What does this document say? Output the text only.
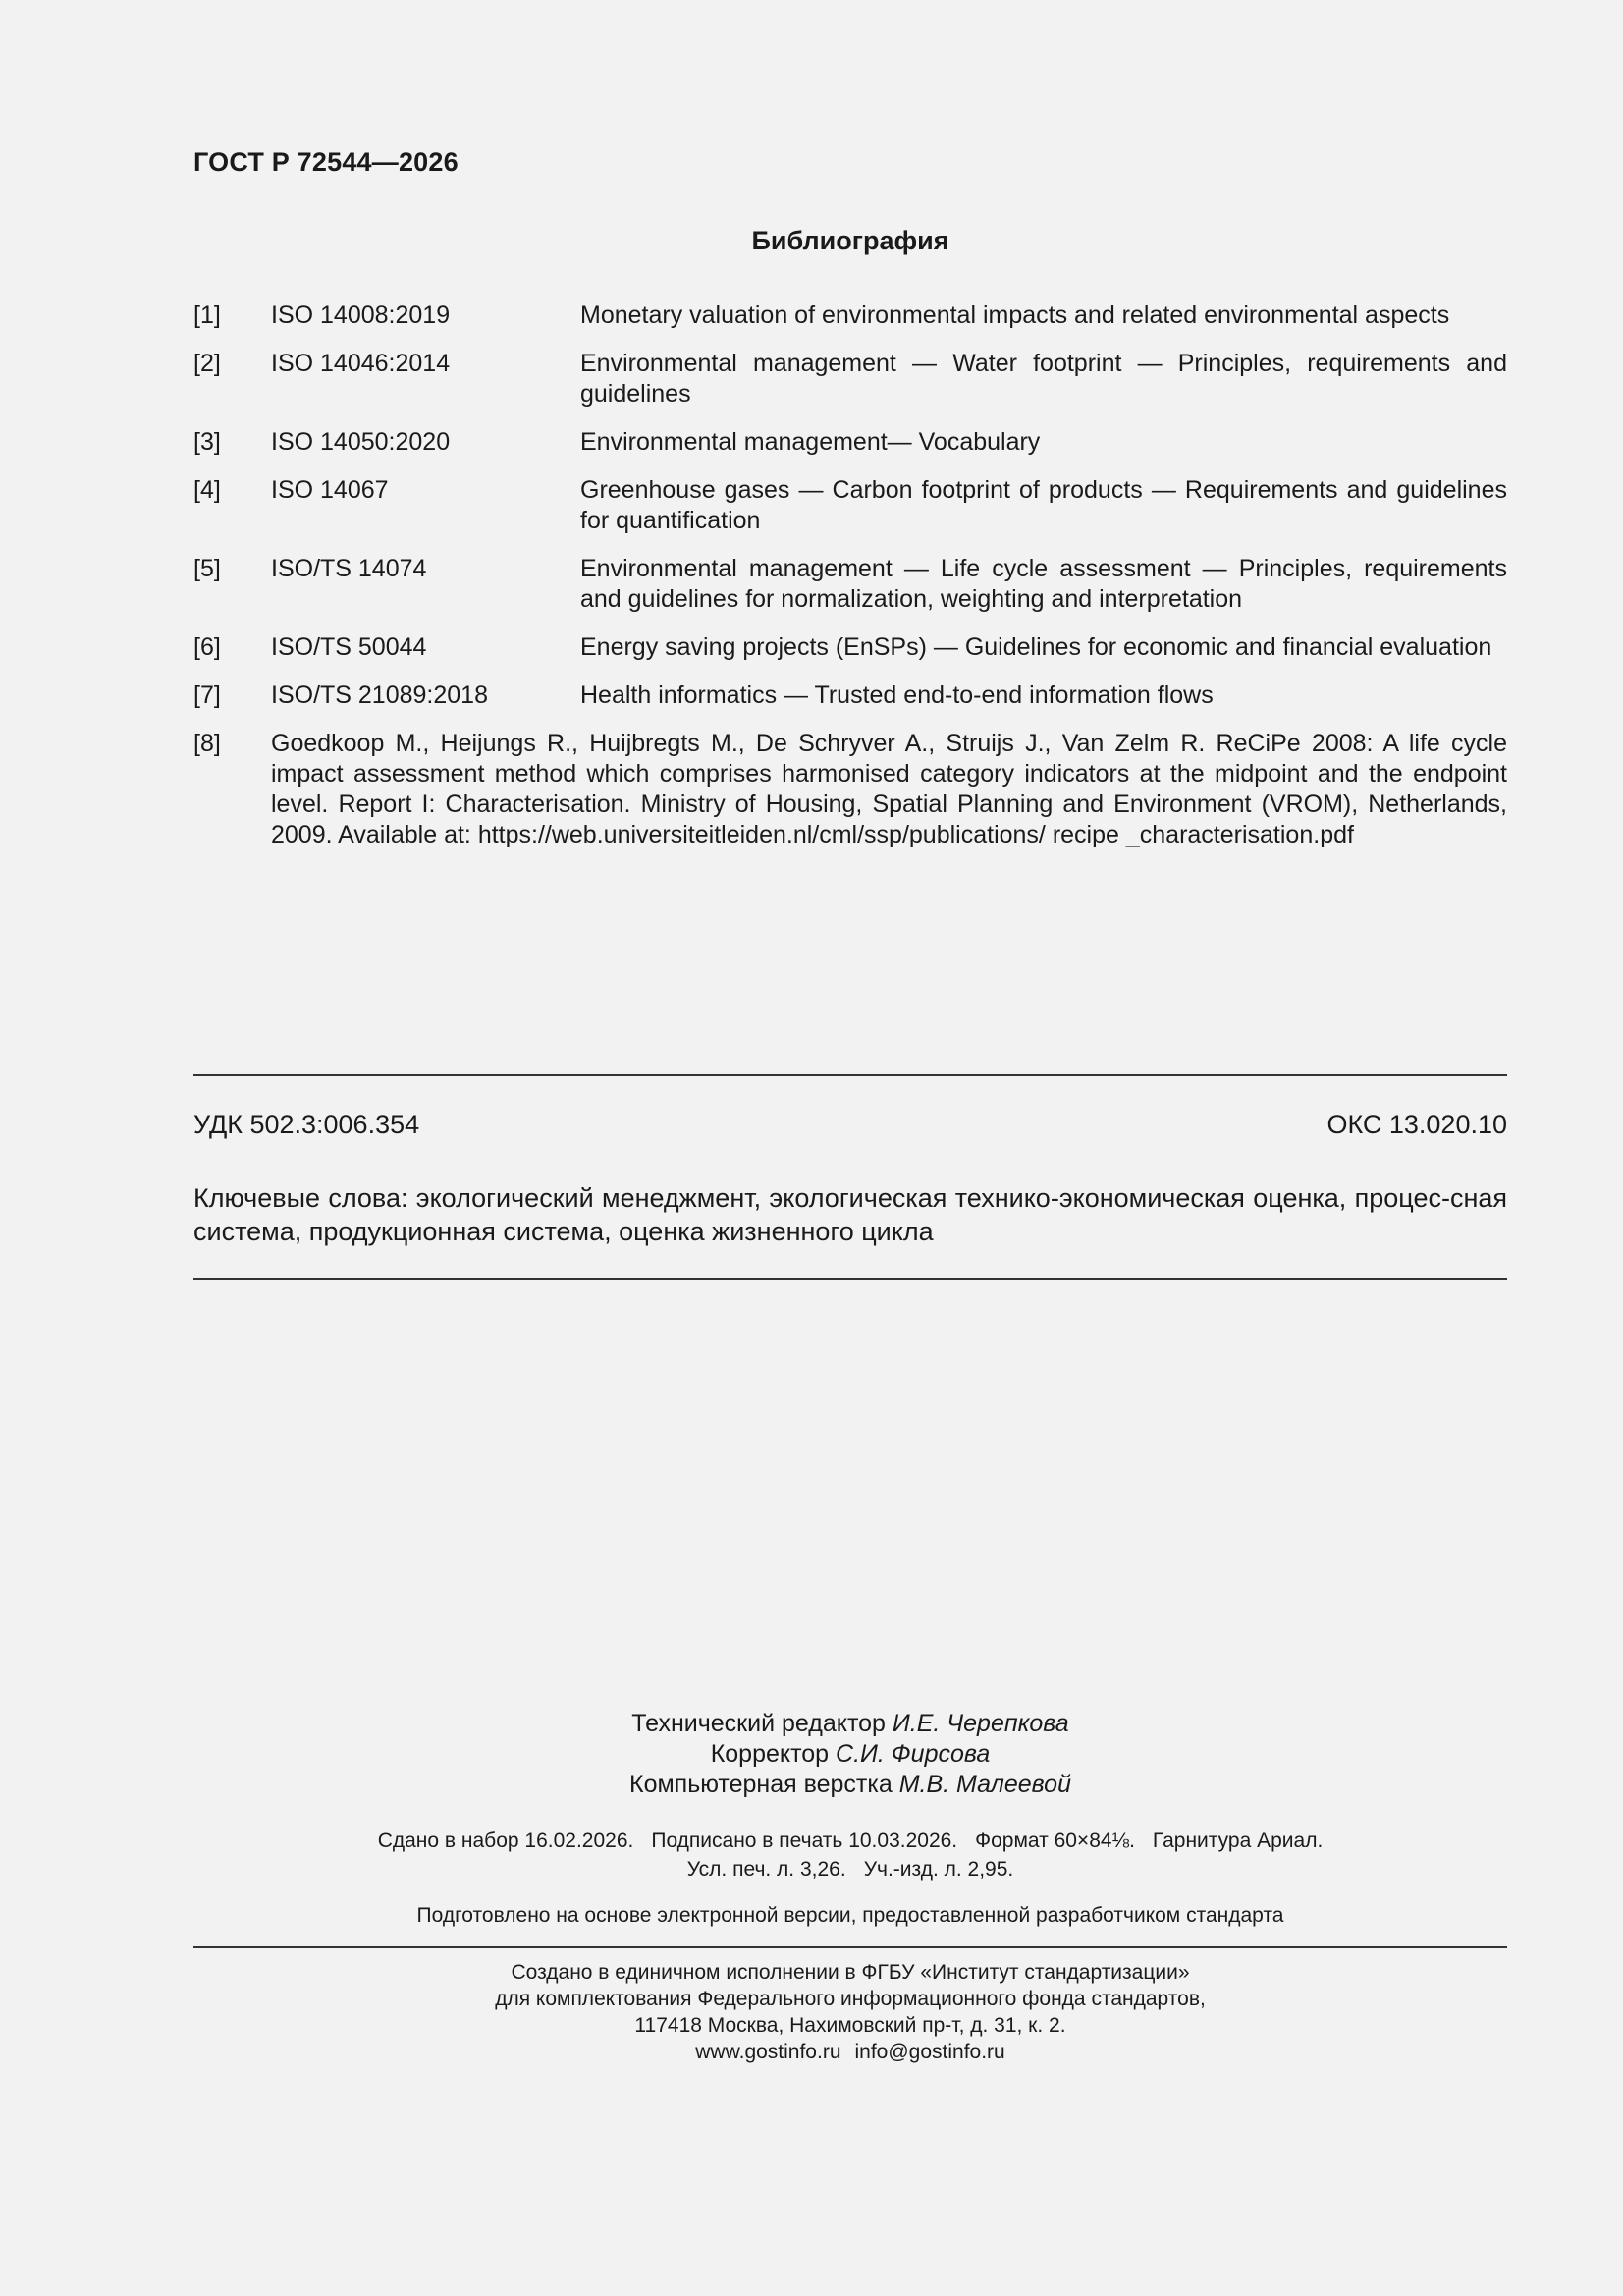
ГОСТ Р 72544—2026
Библиография
[1]	ISO 14008:2019	Monetary valuation of environmental impacts and related environmental aspects
[2]	ISO 14046:2014	Environmental management — Water footprint — Principles, requirements and guidelines
[3]	ISO 14050:2020	Environmental management— Vocabulary
[4]	ISO 14067	Greenhouse gases — Carbon footprint of products — Requirements and guidelines for quantification
[5]	ISO/TS 14074	Environmental management — Life cycle assessment — Principles, requirements and guidelines for normalization, weighting and interpretation
[6]	ISO/TS 50044	Energy saving projects (EnSPs) — Guidelines for economic and financial evaluation
[7]	ISO/TS 21089:2018	Health informatics — Trusted end-to-end information flows
[8]	Goedkoop M., Heijungs R., Huijbregts M., De Schryver A., Struijs J., Van Zelm R. ReCiPe 2008: A life cycle impact assessment method which comprises harmonised category indicators at the midpoint and the endpoint level. Report I: Characterisation. Ministry of Housing, Spatial Planning and Environment (VROM), Netherlands, 2009. Available at: https://web.universiteitleiden.nl/cml/ssp/publications/ recipe _characterisation.pdf
УДК 502.3:006.354	ОКС 13.020.10
Ключевые слова: экологический менеджмент, экологическая технико-экономическая оценка, процес-сная система, продукционная система, оценка жизненного цикла
Технический редактор И.Е. Черепкова
Корректор С.И. Фирсова
Компьютерная верстка М.В. Малеевой
Сдано в набор 16.02.2026. Подписано в печать 10.03.2026. Формат 60×84⅛. Гарнитура Ариал.
Усл. печ. л. 3,26. Уч.-изд. л. 2,95.
Подготовлено на основе электронной версии, предоставленной разработчиком стандарта
Создано в единичном исполнении в ФГБУ «Институт стандартизации»
для комплектования Федерального информационного фонда стандартов,
117418 Москва, Нахимовский пр-т, д. 31, к. 2.
www.gostinfo.ru info@gostinfo.ru
